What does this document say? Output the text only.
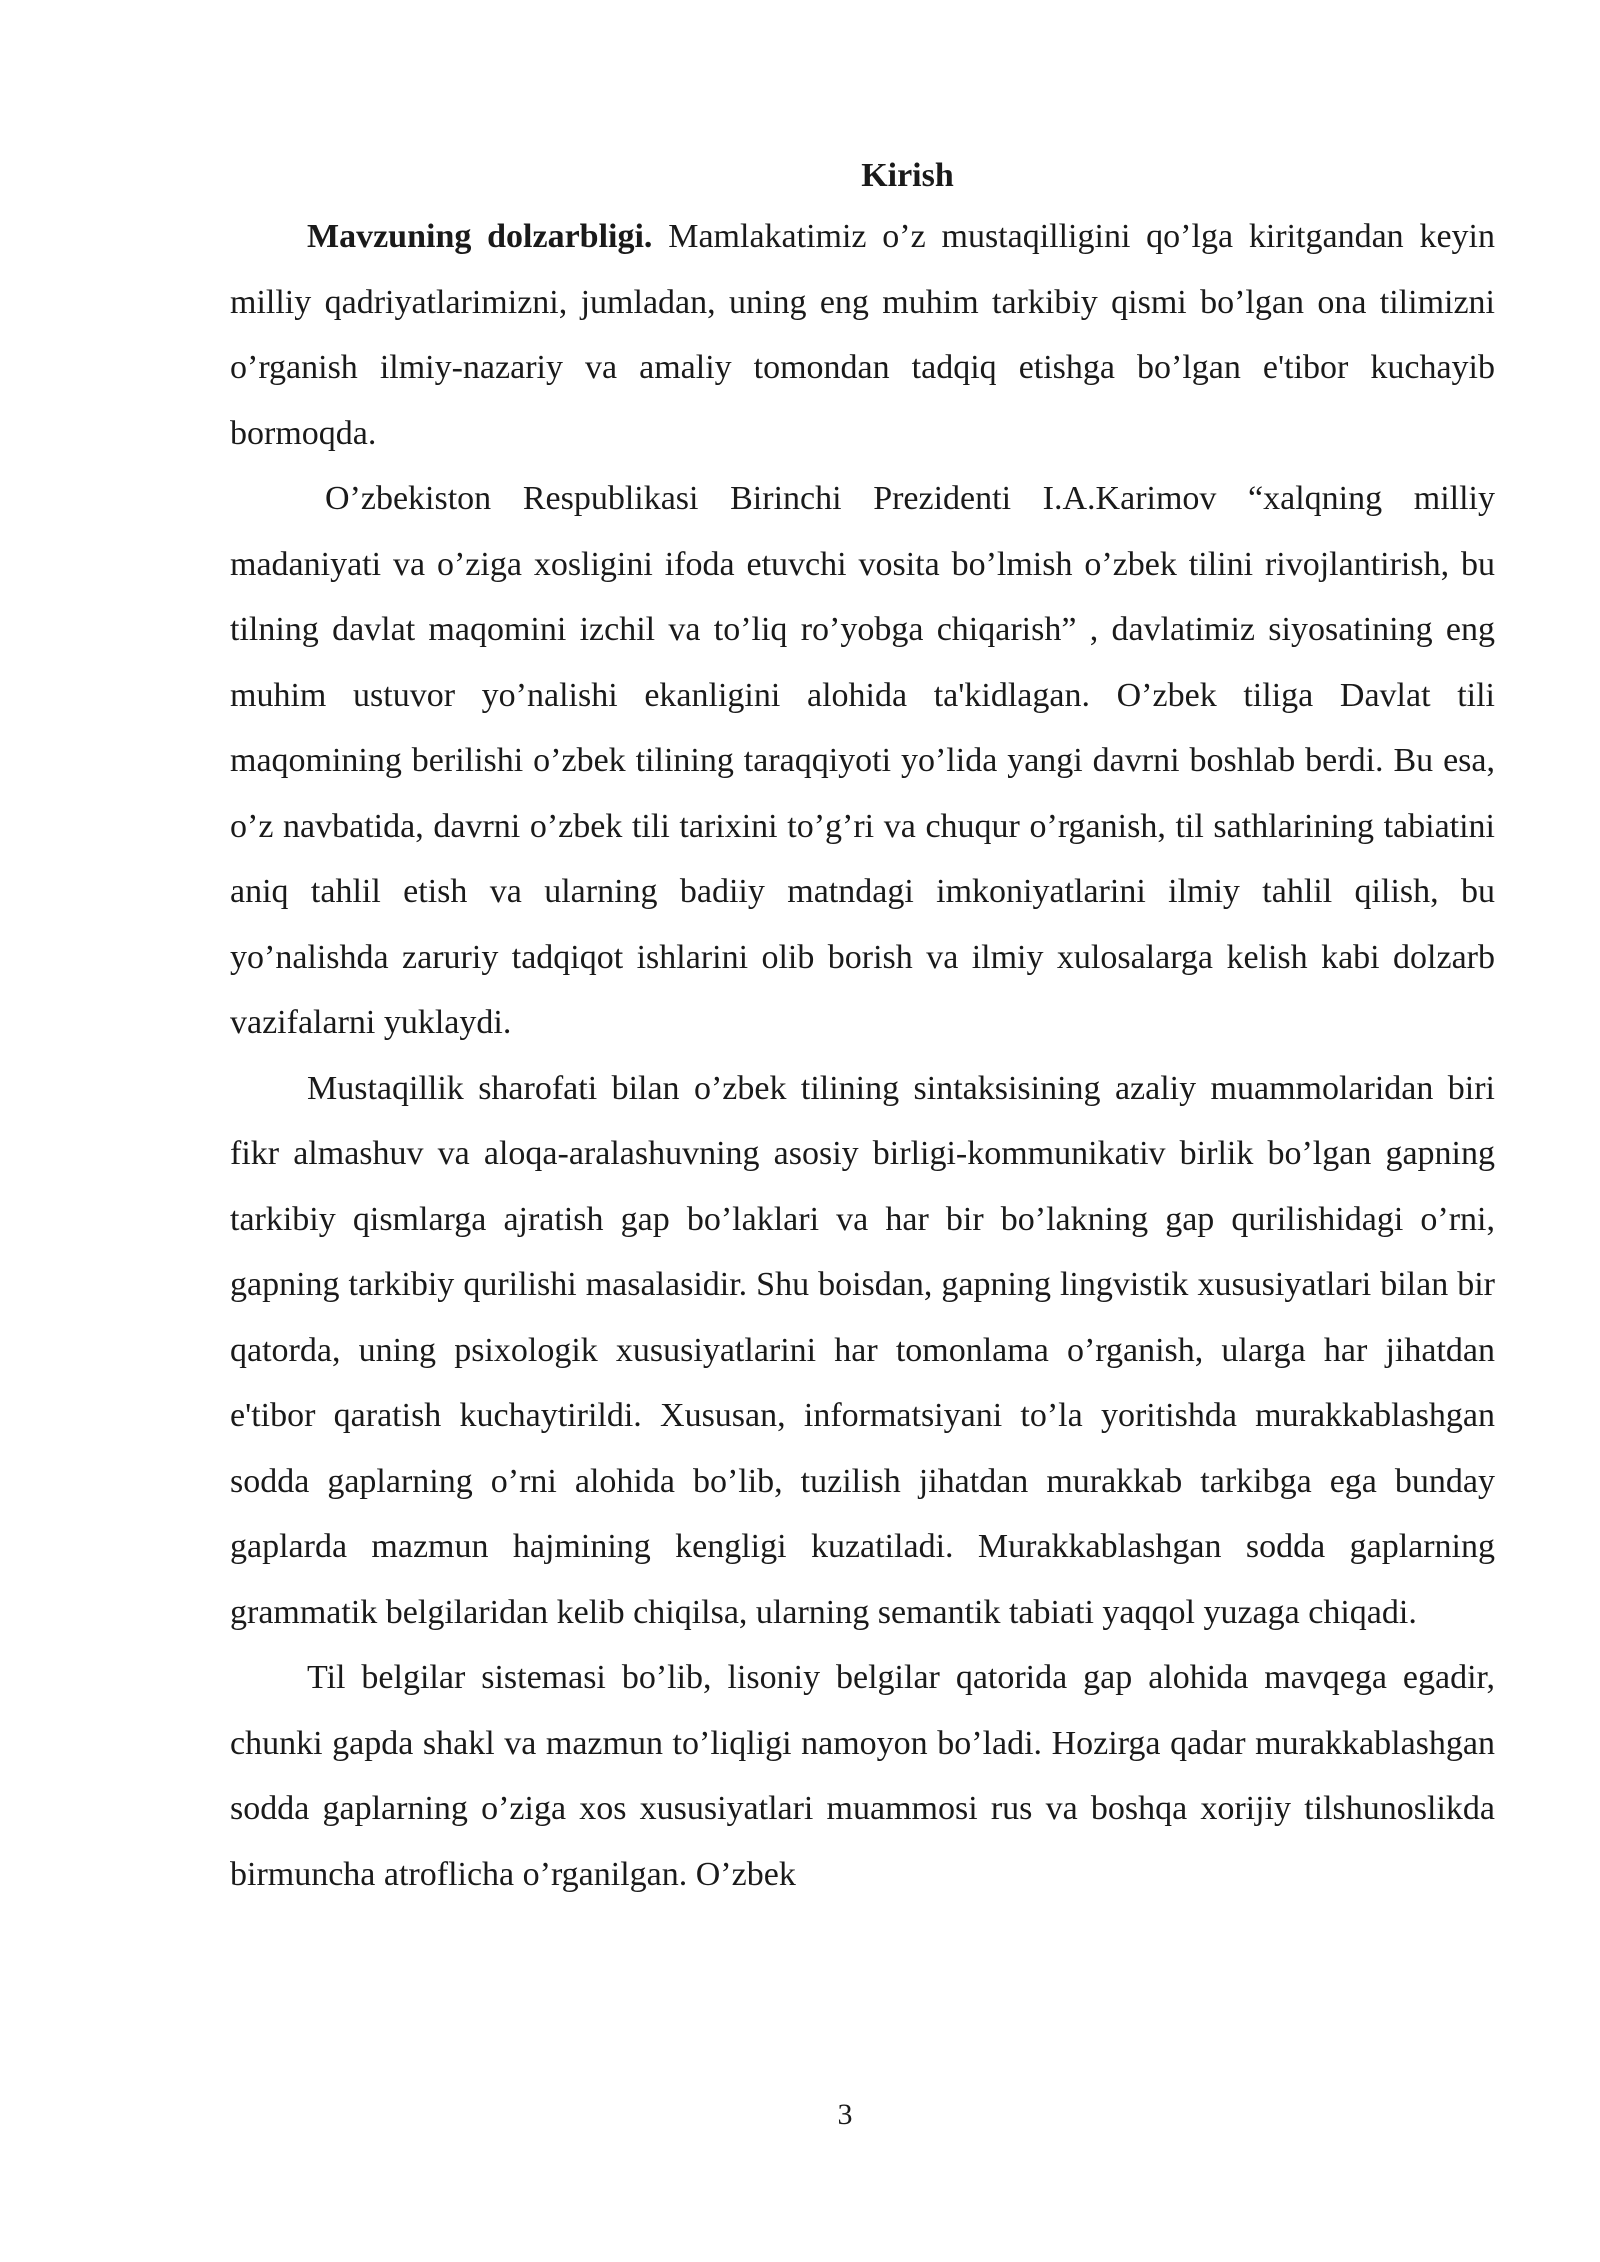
Kirish

Mavzuning dolzarbligi. Mamlakatimiz o’z mustaqilligini qo’lga kiritgandan keyin milliy qadriyatlarimizni, jumladan, uning eng muhim tarkibiy qismi bo’lgan ona tilimizni o’rganish ilmiy-nazariy va amaliy tomondan tadqiq etishga bo’lgan e'tibor kuchayib bormoqda.

O’zbekiston Respublikasi Birinchi Prezidenti I.A.Karimov “xalqning milliy madaniyati va o’ziga xosligini ifoda etuvchi vosita bo’lmish o’zbek tilini rivojlantirish, bu tilning davlat maqomini izchil va to’liq ro’yobga chiqarish” , davlatimiz siyosatining eng muhim ustuvor yo’nalishi ekanligini alohida ta'kidlagan. O’zbek tiliga Davlat tili maqomining berilishi o’zbek tilining taraqqiyoti yo’lida yangi davrni boshlab berdi. Bu esa, o’z navbatida, davrni o’zbek tili tarixini to’g’ri va chuqur o’rganish, til sathlarining tabiatini aniq tahlil etish va ularning badiiy matndagi imkoniyatlarini ilmiy tahlil qilish, bu yo’nalishda zaruriy tadqiqot ishlarini olib borish va ilmiy xulosalarga kelish kabi dolzarb vazifalarni yuklaydi.

Mustaqillik sharofati bilan o’zbek tilining sintaksisining azaliy muammolaridan biri fikr almashuv va aloqa-aralashuvning asosiy birligi-kommunikativ birlik bo’lgan gapning tarkibiy qismlarga ajratish gap bo’laklari va har bir bo’lakning gap qurilishidagi o’rni, gapning tarkibiy qurilishi masalasidir. Shu boisdan, gapning lingvistik xususiyatlari bilan bir qatorda, uning psixologik xususiyatlarini har tomonlama o’rganish, ularga har jihatdan e'tibor qaratish kuchaytirildi. Xususan, informatsiyani to’la yoritishda murakkablashgan sodda gaplarning o’rni alohida bo’lib, tuzilish jihatdan murakkab tarkibga ega bunday gaplarda mazmun hajmining kengligi kuzatiladi. Murakkablashgan sodda gaplarning grammatik belgilaridan kelib chiqilsa, ularning semantik tabiati yaqqol yuzaga chiqadi.

Til belgilar sistemasi bo’lib, lisoniy belgilar qatorida gap alohida mavqega egadir, chunki gapda shakl va mazmun to’liqligi namoyon bo’ladi. Hozirga qadar murakkablashgan sodda gaplarning o’ziga xos xususiyatlari muammosi rus va boshqa xorijiy tilshunoslikda birmuncha atroflicha o’rganilgan. O’zbek

3
